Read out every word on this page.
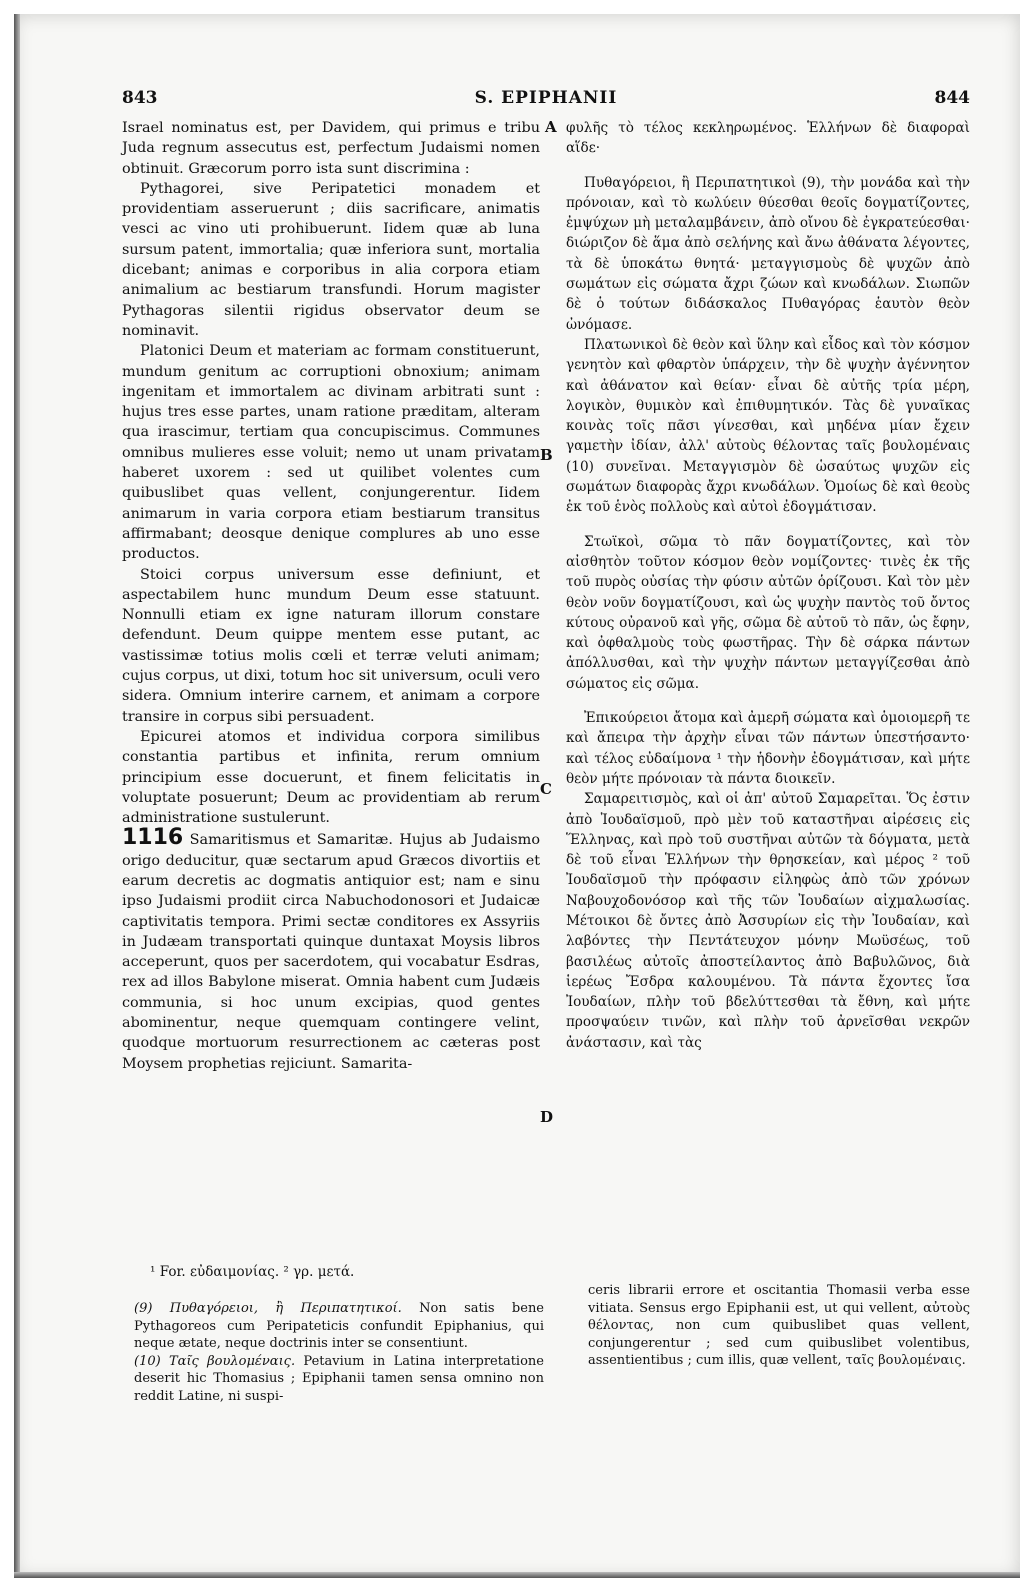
843	S. EPIPHANII	844

Israel nominatus est, per Davidem, qui primus e tribu Juda regnum assecutus est, perfectum Judaismi nomen obtinuit. Græcorum porro ista sunt discrimina :

Pythagorei, sive Peripatetici monadem et providentiam asseruerunt ; diis sacrificare, animatis vesci ac vino uti prohibuerunt. Iidem quæ ab luna sursum patent, immortalia; quæ inferiora sunt, mortalia dicebant; animas e corporibus in alia corpora etiam animalium ac bestiarum transfundi. Horum magister Pythagoras silentii rigidus observator deum se nominavit.

Platonici Deum et materiam ac formam constituerunt, mundum genitum ac corruptioni obnoxium; animam ingenitam et immortalem ac divinam arbitrati sunt : hujus tres esse partes, unam ratione præditam, alteram qua irascimur, tertiam qua concupiscimus. Communes omnibus mulieres esse voluit; nemo ut unam privatam haberet uxorem : sed ut quilibet volentes cum quibuslibet quas vellent, conjungerentur. Iidem animarum in varia corpora etiam bestiarum transitus affirmabant; deosque denique complures ab uno esse productos.

Stoici corpus universum esse definiunt, et aspectabilem hunc mundum Deum esse statuunt. Nonnulli etiam ex igne naturam illorum constare defendunt. Deum quippe mentem esse putant, ac vastissimæ totius molis cœli et terræ veluti animam; cujus corpus, ut dixi, totum hoc sit universum, oculi vero sidera. Omnium interire carnem, et animam a corpore transire in corpus sibi persuadent.

Epicurei atomos et individua corpora similibus constantia partibus et infinita, rerum omnium principium esse docuerunt, et finem felicitatis in voluptate posuerunt; Deum ac providentiam ab rerum administratione sustulerunt.

1116 Samaritismus et Samaritæ. Hujus ab Judaismo origo deducitur, quæ sectarum apud Græcos divortiis et earum decretis ac dogmatis antiquior est; nam e sinu ipso Judaismi prodiit circa Nabuchodonosori et Judaicæ captivitatis tempora. Primi sectæ conditores ex Assyriis in Judæam transportati quinque duntaxat Moysis libros acceperunt, quos per sacerdotem, qui vocabatur Esdras, rex ad illos Babylone miserat. Omnia habent cum Judæis communia, si hoc unum excipias, quod gentes abominentur, neque quemquam contingere velint, quodque mortuorum resurrectionem ac cæteras post Moysem prophetias rejiciunt. Samarita-

A
B
C
D

φυλῆς τὸ τέλος κεκληρωμένος. Ἑλλήνων δὲ διαφοραὶ αἵδε·

Πυθαγόρειοι, ἢ Περιπατητικοὶ (9), τὴν μονάδα καὶ τὴν πρόνοιαν, καὶ τὸ κωλύειν θύεσθαι θεοῖς δογματίζοντες, ἐμψύχων μὴ μεταλαμβάνειν, ἀπὸ οἴνου δὲ ἐγκρατεύεσθαι· διώριζον δὲ ἅμα ἀπὸ σελήνης καὶ ἄνω ἀθάνατα λέγοντες, τὰ δὲ ὑποκάτω θνητά· μεταγγισμοὺς δὲ ψυχῶν ἀπὸ σωμάτων εἰς σώματα ἄχρι ζώων καὶ κνωδάλων. Σιωπῶν δὲ ὁ τούτων διδάσκαλος Πυθαγόρας ἑαυτὸν θεὸν ὠνόμασε.

Πλατωνικοὶ δὲ θεὸν καὶ ὕλην καὶ εἶδος καὶ τὸν κόσμον γενητὸν καὶ φθαρτὸν ὑπάρχειν, τὴν δὲ ψυχὴν ἀγέννητον καὶ ἀθάνατον καὶ θείαν· εἶναι δὲ αὐτῆς τρία μέρη, λογικὸν, θυμικὸν καὶ ἐπιθυμητικόν. Τὰς δὲ γυναῖκας κοινὰς τοῖς πᾶσι γίνεσθαι, καὶ μηδένα μίαν ἔχειν γαμετὴν ἰδίαν, ἀλλ' αὐτοὺς θέλοντας ταῖς βουλομέναις (10) συνεῖναι. Μεταγγισμὸν δὲ ὡσαύτως ψυχῶν εἰς σωμάτων διαφορὰς ἄχρι κνωδάλων. Ὁμοίως δὲ καὶ θεοὺς ἐκ τοῦ ἑνὸς πολλοὺς καὶ αὐτοὶ ἐδογμάτισαν.

Στωϊκοὶ, σῶμα τὸ πᾶν δογματίζοντες, καὶ τὸν αἰσθητὸν τοῦτον κόσμον θεὸν νομίζοντες· τινὲς ἐκ τῆς τοῦ πυρὸς οὐσίας τὴν φύσιν αὐτῶν ὁρίζουσι. Καὶ τὸν μὲν θεὸν νοῦν δογματίζουσι, καὶ ὡς ψυχὴν παντὸς τοῦ ὄντος κύτους οὐρανοῦ καὶ γῆς, σῶμα δὲ αὐτοῦ τὸ πᾶν, ὡς ἔφην, καὶ ὀφθαλμοὺς τοὺς φωστῆρας. Τὴν δὲ σάρκα πάντων ἀπόλλυσθαι, καὶ τὴν ψυχὴν πάντων μεταγγίζεσθαι ἀπὸ σώματος εἰς σῶμα.

Ἐπικούρειοι ἄτομα καὶ ἀμερῆ σώματα καὶ ὁμοιομερῆ τε καὶ ἄπειρα τὴν ἀρχὴν εἶναι τῶν πάντων ὑπεστήσαντο· καὶ τέλος εὐδαίμονα ¹ τὴν ἡδονὴν ἐδογμάτισαν, καὶ μήτε θεὸν μήτε πρόνοιαν τὰ πάντα διοικεῖν.

Σαμαρειτισμὸς, καὶ οἱ ἀπ' αὐτοῦ Σαμαρεῖται. Ὅς ἐστιν ἀπὸ Ἰουδαϊσμοῦ, πρὸ μὲν τοῦ καταστῆναι αἱρέσεις εἰς Ἕλληνας, καὶ πρὸ τοῦ συστῆναι αὐτῶν τὰ δόγματα, μετὰ δὲ τοῦ εἶναι Ἑλλήνων τὴν θρησκείαν, καὶ μέρος ² τοῦ Ἰουδαϊσμοῦ τὴν πρόφασιν εἰληφὼς ἀπὸ τῶν χρόνων Ναβουχοδονόσορ καὶ τῆς τῶν Ἰουδαίων αἰχμαλωσίας. Μέτοικοι δὲ ὄντες ἀπὸ Ἀσσυρίων εἰς τὴν Ἰουδαίαν, καὶ λαβόντες τὴν Πεντάτευχον μόνην Μωϋσέως, τοῦ βασιλέως αὐτοῖς ἀποστείλαντος ἀπὸ Βαβυλῶνος, διὰ ἱερέως Ἔσδρα καλουμένου. Τὰ πάντα ἔχοντες ἴσα Ἰουδαίων, πλὴν τοῦ βδελύττεσθαι τὰ ἔθνη, καὶ μήτε προσψαύειν τινῶν, καὶ πλὴν τοῦ ἀρνεῖσθαι νεκρῶν ἀνάστασιν, καὶ τὰς

¹ For. εὐδαιμονίας. ² γρ. μετά.

(9) Πυθαγόρειοι, ἢ Περιπατητικοί. Non satis bene Pythagoreos cum Peripateticis confundit Epiphanius, qui neque ætate, neque doctrinis inter se consentiunt.

(10) Ταῖς βουλομέναις. Petavium in Latina interpretatione deserit hic Thomasius ; Epiphanii tamen sensa omnino non reddit Latine, ni suspi-

ceris librarii errore et oscitantia Thomasii verba esse vitiata. Sensus ergo Epiphanii est, ut qui vellent, αὐτοὺς θέλοντας, non cum quibuslibet quas vellent, conjungerentur ; sed cum quibuslibet volentibus, assentientibus ; cum illis, quæ vellent, ταῖς βουλομέναις.
